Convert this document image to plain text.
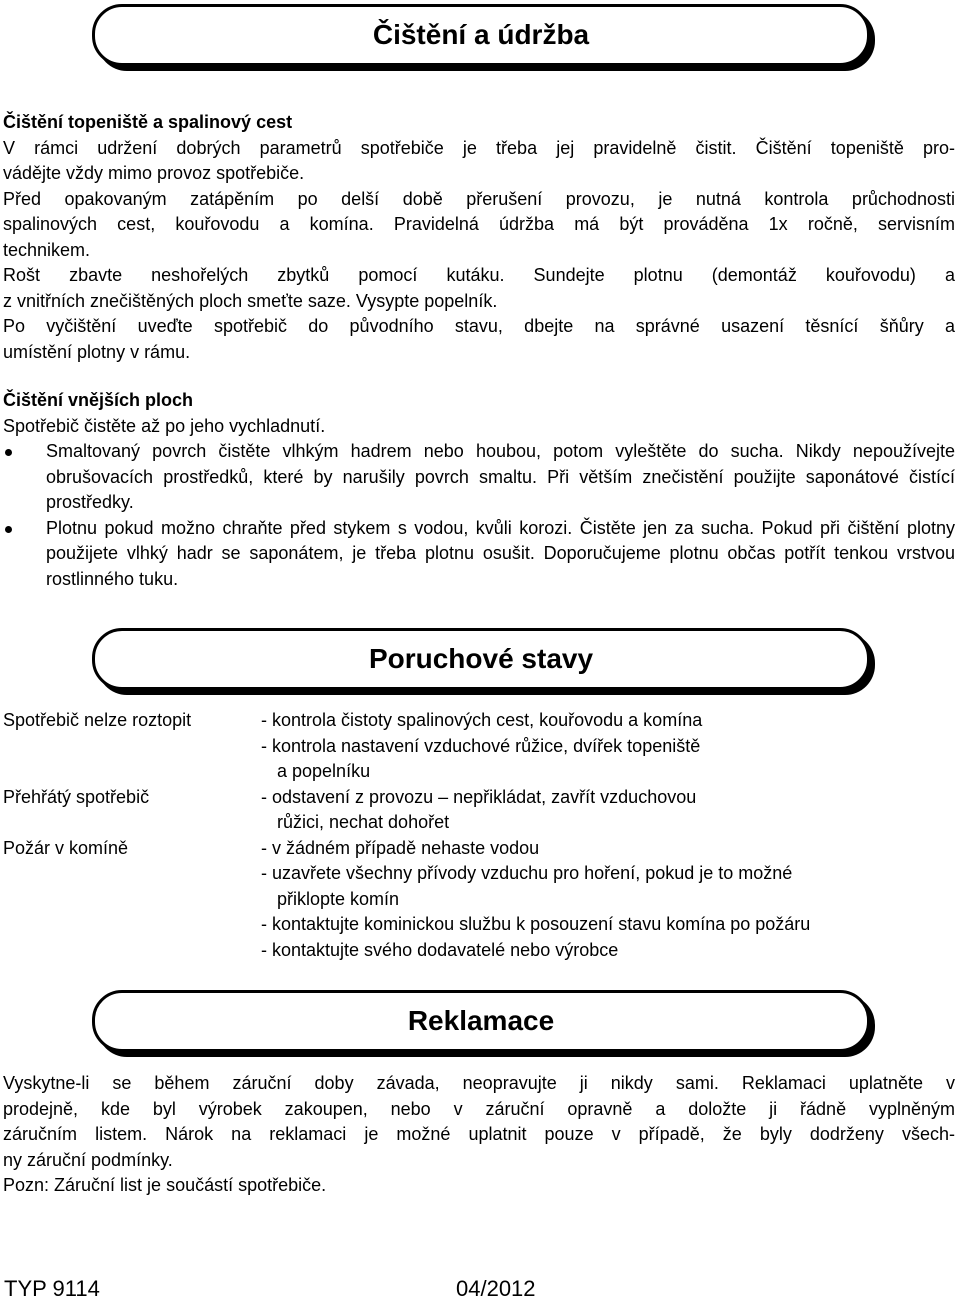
Čištění a údržba

Čištění topeniště a spalinový cest

V rámci udržení dobrých parametrů spotřebiče je třeba jej pravidelně čistit. Čištění topeniště pro-

vádějte vždy mimo provoz spotřebiče.

Před opakovaným zatápěním po delší době přerušení provozu, je nutná kontrola průchodnosti

spalinových cest, kouřovodu a komína. Pravidelná údržba má být prováděna 1x ročně, servisním

technikem.

Rošt zbavte neshořelých zbytků pomocí kutáku. Sundejte plotnu (demontáž kouřovodu) a

z vnitřních znečištěných ploch smeťte saze. Vysypte popelník.

Po vyčištění uveďte spotřebič do původního stavu, dbejte na správné usazení těsnící šňůry a

umístění plotny v rámu.

Čištění vnějších ploch

Spotřebič čistěte až po jeho vychladnutí.

Smaltovaný povrch čistěte vlhkým hadrem nebo houbou, potom vyleštěte do sucha. Nikdy nepoužívejte obrušovacích prostředků, které by narušily povrch smaltu. Při větším znečistění použijte saponátové čistící prostředky.
Plotnu pokud možno chraňte před stykem s vodou, kvůli korozi. Čistěte jen za sucha. Pokud při čištění plotny použijete vlhký hadr se saponátem, je třeba plotnu osušit. Doporučujeme plotnu občas potřít tenkou vrstvou rostlinného tuku.
Poruchové stavy
Spotřebič nelze roztopit	- kontrola čistoty spalinových cest, kouřovodu a komína
- kontrola nastavení vzduchové růžice, dvířek topeniště
a popelníku
Přehřátý spotřebič	- odstavení z provozu – nepřikládat, zavřít vzduchovou
růžici, nechat dohořet
Požár v komíně	- v žádném případě nehaste vodou
- uzavřete všechny přívody vzduchu pro hoření, pokud je to možné
přiklopte komín
- kontaktujte kominickou službu k posouzení stavu komína po požáru
- kontaktujte svého dodavatelé nebo výrobce
Reklamace

Vyskytne-li se během záruční doby závada, neopravujte ji nikdy sami. Reklamaci uplatněte v

prodejně, kde byl výrobek zakoupen, nebo v záruční opravně a doložte ji řádně vyplněným

záručním listem. Nárok na reklamaci je možné uplatnit pouze v případě, že byly dodrženy všech-

ny záruční podmínky.

Pozn: Záruční list je součástí spotřebiče.

TYP 9114	04/2012
